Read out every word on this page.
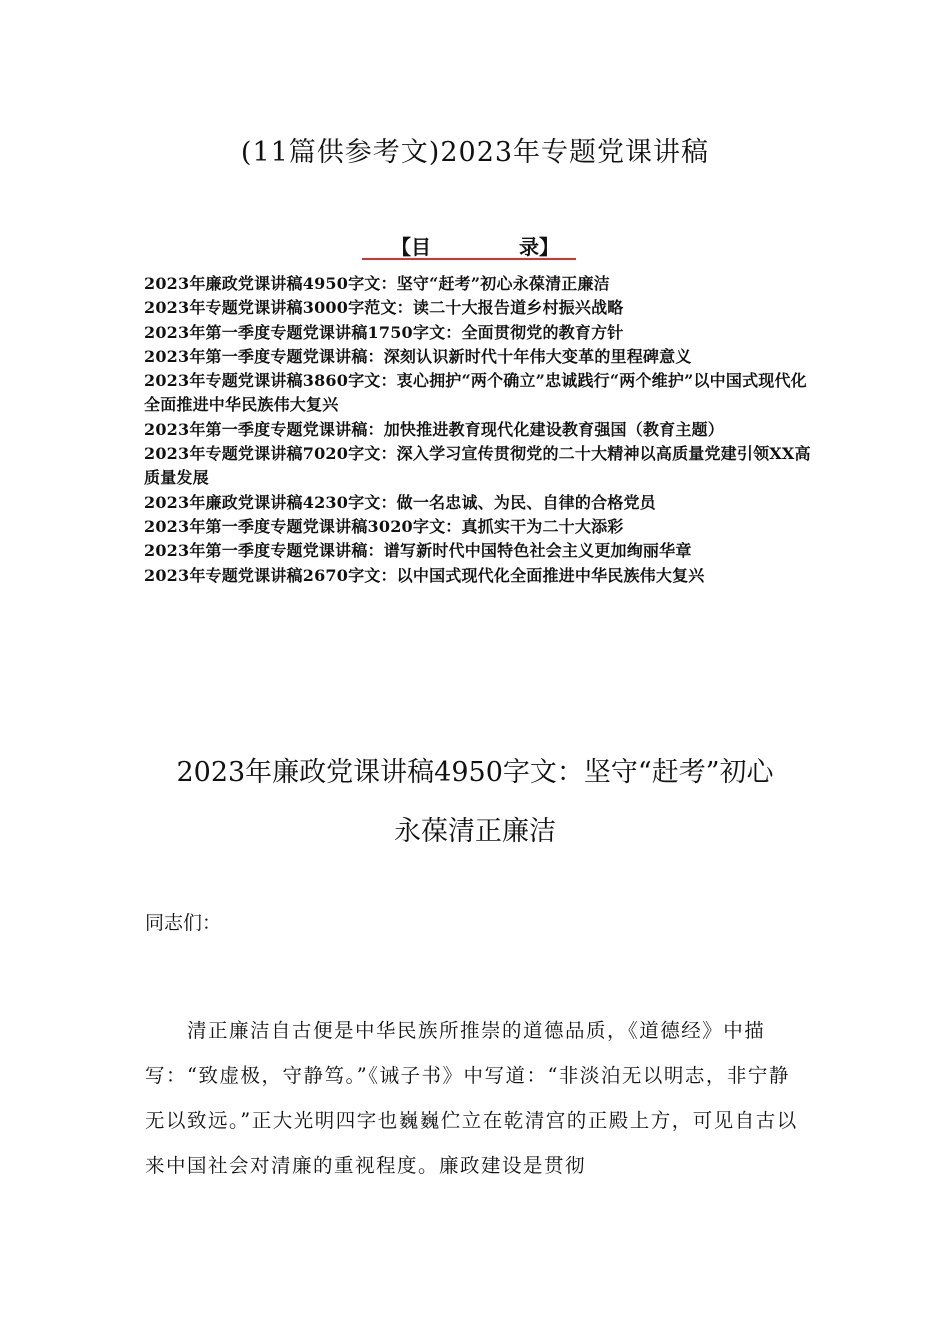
(11篇供参考文)2023年专题党课讲稿
【目	录】
2023年廉政党课讲稿4950字文：坚守“赶考”初心永葆清正廉洁
2023年专题党课讲稿3000字范文：读二十大报告道乡村振兴战略
2023年第一季度专题党课讲稿1750字文：全面贯彻党的教育方针
2023年第一季度专题党课讲稿：深刻认识新时代十年伟大变革的里程碑意义
2023年专题党课讲稿3860字文：衷心拥护“两个确立”忠诚践行“两个维护”以中国式现代化全面推进中华民族伟大复兴
2023年第一季度专题党课讲稿：加快推进教育现代化建设教育强国（教育主题）
2023年专题党课讲稿7020字文：深入学习宣传贯彻党的二十大精神以高质量党建引领XX高质量发展
2023年廉政党课讲稿4230字文：做一名忠诚、为民、自律的合格党员
2023年第一季度专题党课讲稿3020字文：真抓实干为二十大添彩
2023年第一季度专题党课讲稿：谱写新时代中国特色社会主义更加绚丽华章
2023年专题党课讲稿2670字文：以中国式现代化全面推进中华民族伟大复兴
2023年廉政党课讲稿4950字文：坚守“赶考”初心
永葆清正廉洁

同志们：

清正廉洁自古便是中华民族所推崇的道德品质，《道德经》中描写：“致虚极，守静笃。”《诫子书》中写道：“非淡泊无以明志，非宁静无以致远。”正大光明四字也巍巍伫立在乾清宫的正殿上方，可见自古以来中国社会对清廉的重视程度。廉政建设是贯彻
